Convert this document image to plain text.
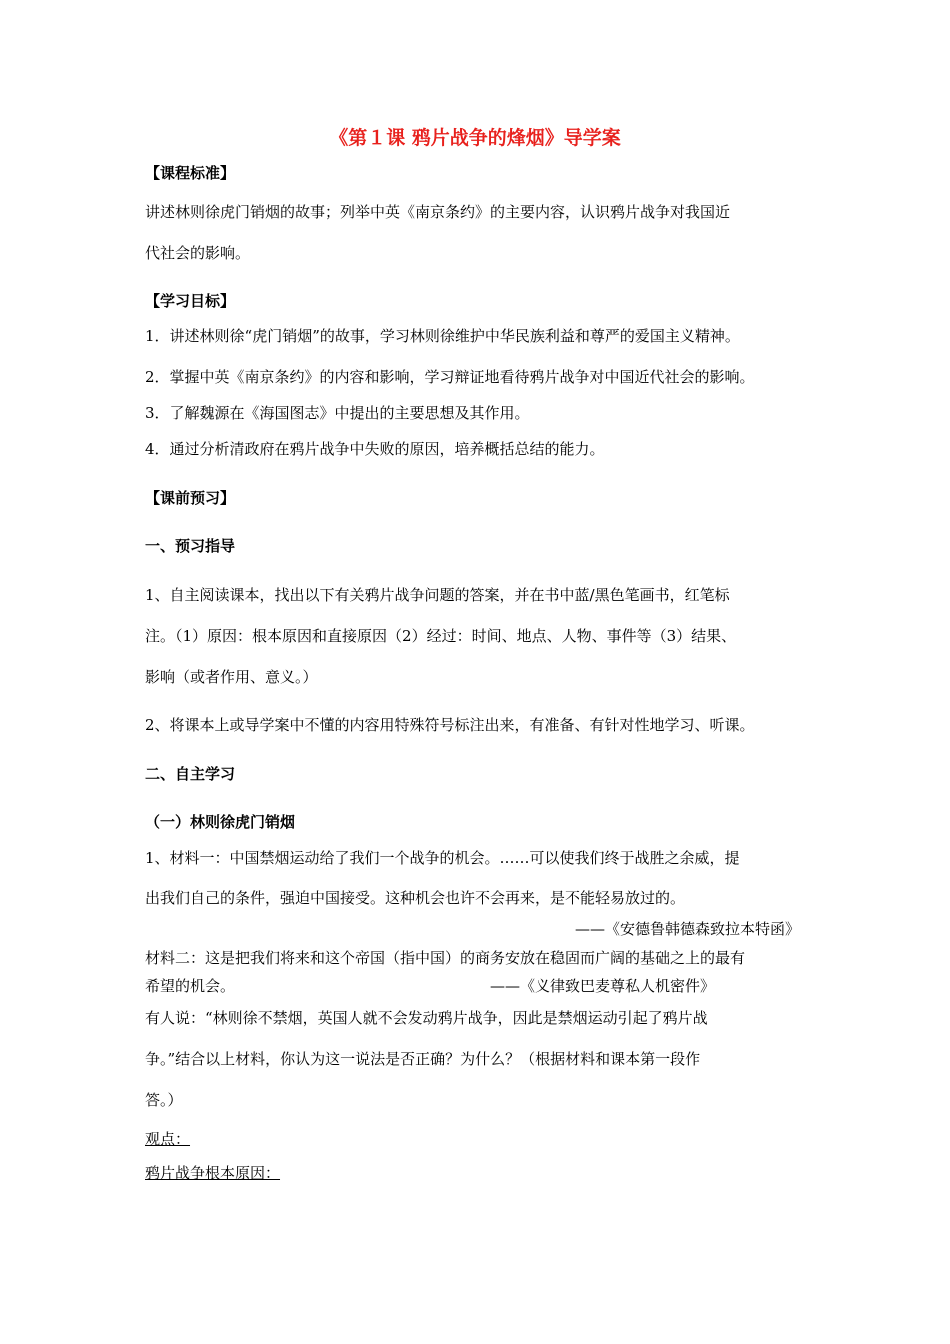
《第１课 鸦片战争的烽烟》导学案
【课程标准】
讲述林则徐虎门销烟的故事；列举中英《南京条约》的主要内容，认识鸦片战争对我国近
代社会的影响。
【学习目标】
1．讲述林则徐“虎门销烟”的故事，学习林则徐维护中华民族利益和尊严的爱国主义精神。
2．掌握中英《南京条约》的内容和影响，学习辩证地看待鸦片战争对中国近代社会的影响。
3．了解魏源在《海国图志》中提出的主要思想及其作用。
4．通过分析清政府在鸦片战争中失败的原因，培养概括总结的能力。
【课前预习】
一、预习指导
1、自主阅读课本，找出以下有关鸦片战争问题的答案，并在书中蓝/黑色笔画书，红笔标
注。（1）原因：根本原因和直接原因（2）经过：时间、地点、人物、事件等（3）结果、
影响（或者作用、意义。）
2、将课本上或导学案中不懂的内容用特殊符号标注出来，有准备、有针对性地学习、听课。
二、自主学习
（一）林则徐虎门销烟
1、材料一：中国禁烟运动给了我们一个战争的机会。……可以使我们终于战胜之余威，提
出我们自己的条件，强迫中国接受。这种机会也许不会再来，是不能轻易放过的。
——《安德鲁韩德森致拉本特函》
材料二：这是把我们将来和这个帝国（指中国）的商务安放在稳固而广阔的基础之上的最有
希望的机会。	——《义律致巴麦尊私人机密件》
有人说：“林则徐不禁烟，英国人就不会发动鸦片战争，因此是禁烟运动引起了鸦片战
争。”结合以上材料，你认为这一说法是否正确？为什么？（根据材料和课本第一段作
答。）
观点：
鸦片战争根本原因：
